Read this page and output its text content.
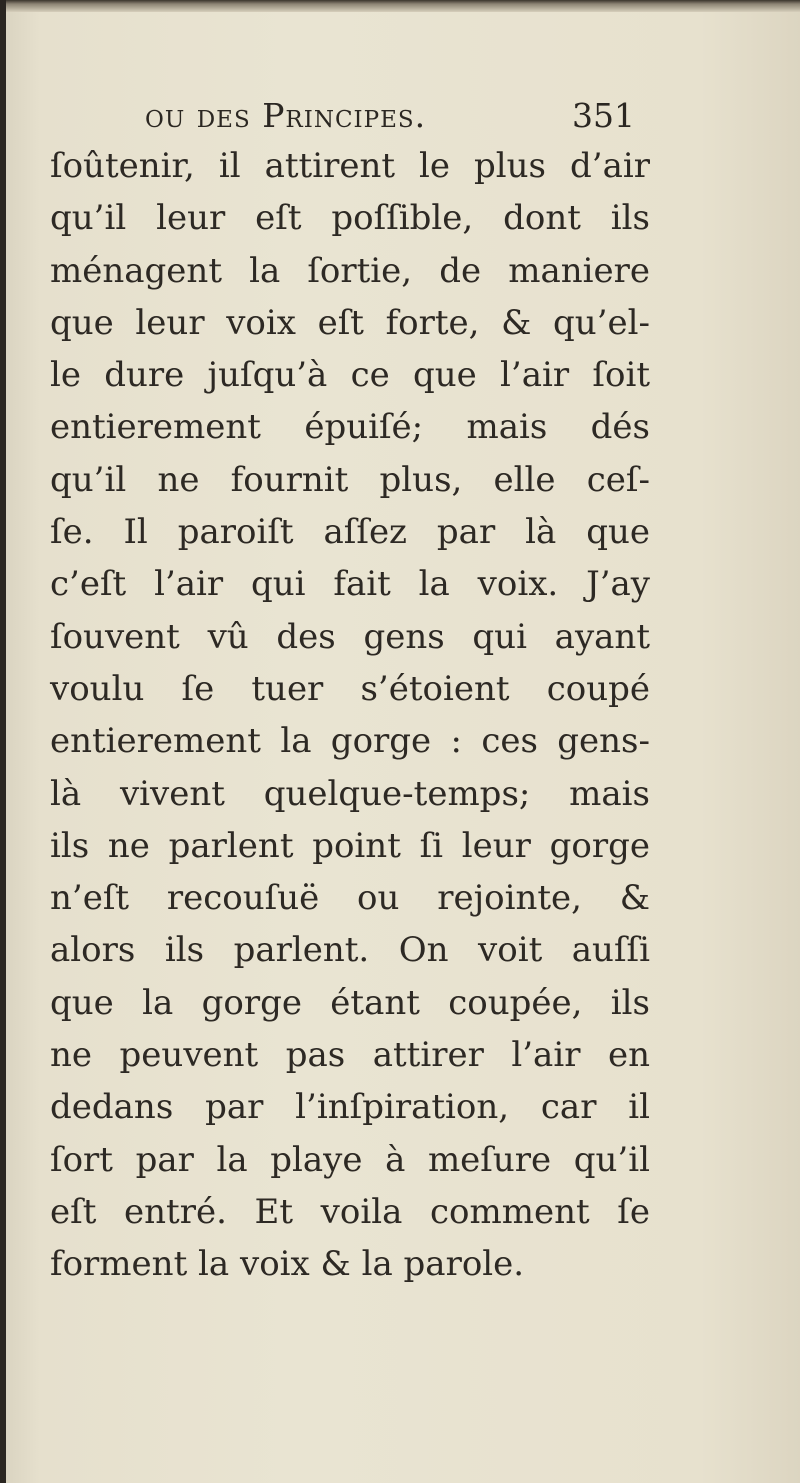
ou des Principes.	351
ſoûtenir, il attirent le plus d’air
qu’il leur eſt poſſible, dont ils
ménagent la ſortie, de maniere
que leur voix eſt forte, & qu’el-
le dure juſqu’à ce que l’air ſoit
entierement épuiſé; mais dés
qu’il ne fournit plus, elle ceſ-
ſe. Il paroiſt aſſez par là que
c’eſt l’air qui fait la voix. J’ay
ſouvent vû des gens qui ayant
voulu ſe tuer s’étoient coupé
entierement la gorge : ces gens-
là vivent quelque-temps; mais
ils ne parlent point ſi leur gorge
n’eſt recouſuë ou rejointe, &
alors ils parlent. On voit auſſi
que la gorge étant coupée, ils
ne peuvent pas attirer l’air en
dedans par l’inſpiration, car il
ſort par la playe à meſure qu’il
eſt entré. Et voila comment ſe
forment la voix & la parole.
